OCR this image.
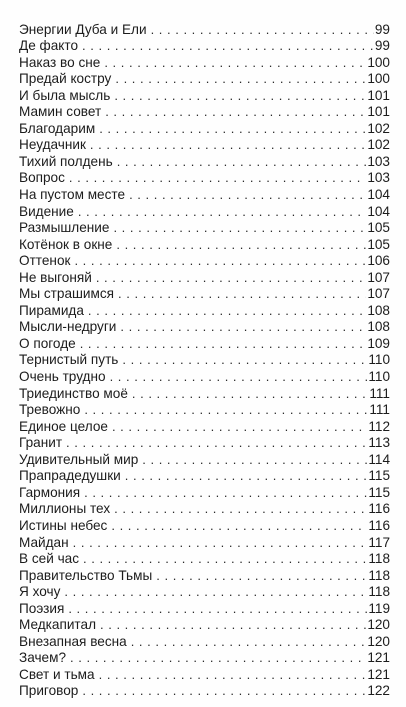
Энергии Дуба и Ели . . .	99
Де факто . . .	99
Наказ во сне . . .	100
Предай костру . . .	100
И была мысль . . .	101
Мамин совет . . .	101
Благодарим . . .	102
Неудачник . . .	102
Тихий полдень . . .	103
Вопрос . . .	103
На пустом месте . . .	104
Видение . . .	104
Размышление . . .	105
Котёнок в окне . . .	105
Оттенок . . .	106
Не выгоняй . . .	107
Мы страшимся . . .	107
Пирамида . . .	108
Мысли-недруги . . .	108
О погоде . . .	109
Тернистый путь . . .	110
Очень трудно . . .	110
Триединство моё . . .	111
Тревожно . . .	111
Единое целое . . .	112
Гранит . . .	113
Удивительный мир . . .	114
Прапрадедушки . . .	115
Гармония . . .	115
Миллионы тех . . .	116
Истины небес . . .	116
Майдан . . .	117
В сей час . . .	118
Правительство Тьмы . . .	118
Я хочу . . .	118
Поэзия . . .	119
Медкапитал . . .	120
Внезапная весна . . .	120
Зачем? . . .	121
Свет и тьма . . .	121
Приговор . . .	122
